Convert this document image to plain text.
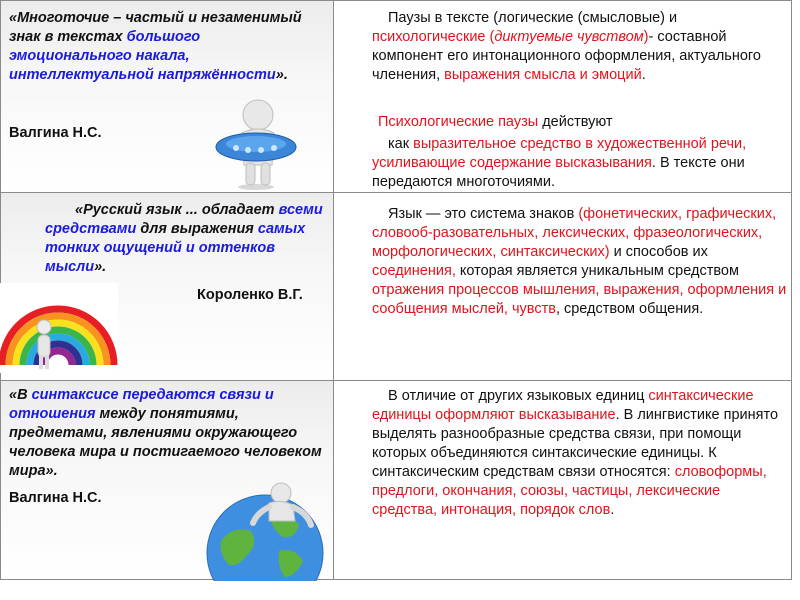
«Многоточие – частый и незаменимый знак в текстах большого эмоционального накала, интеллектуальной напряжённости».
Валгина Н.С.
Паузы в тексте (логические (смысловые) и психологические (диктуемые чувством)- составной компонент его интонационного оформления, актуального членения, выражения смысла и эмоций.
Психологические паузы действуют
как выразительное средство в художественной речи, усиливающие содержание высказывания. В тексте они передаются многоточиями.
«Русский язык ... обладает всеми средствами для выражения самых тонких ощущений и оттенков мысли».
Короленко В.Г.
Язык — это система знаков (фонетических, графических, словооб-разовательных, лексических, фразеологических, морфологических, синтаксических) и способов их соединения, которая является уникальным средством отражения процессов мышления, выражения, оформления и сообщения мыслей, чувств, средством общения.
«В синтаксисе передаются связи и отношения между понятиями, предметами, явлениями окружающего человека мира и постигаемого человеком мира».
Валгина Н.С.
В отличие от других языковых единиц синтаксические единицы оформляют высказывание. В лингвистике принято выделять разнообразные средства связи, при помощи которых объединяются синтаксические единицы. К синтаксическим средствам связи относятся: словоформы, предлоги, окончания, союзы, частицы, лексические средства, интонация, порядок слов.
